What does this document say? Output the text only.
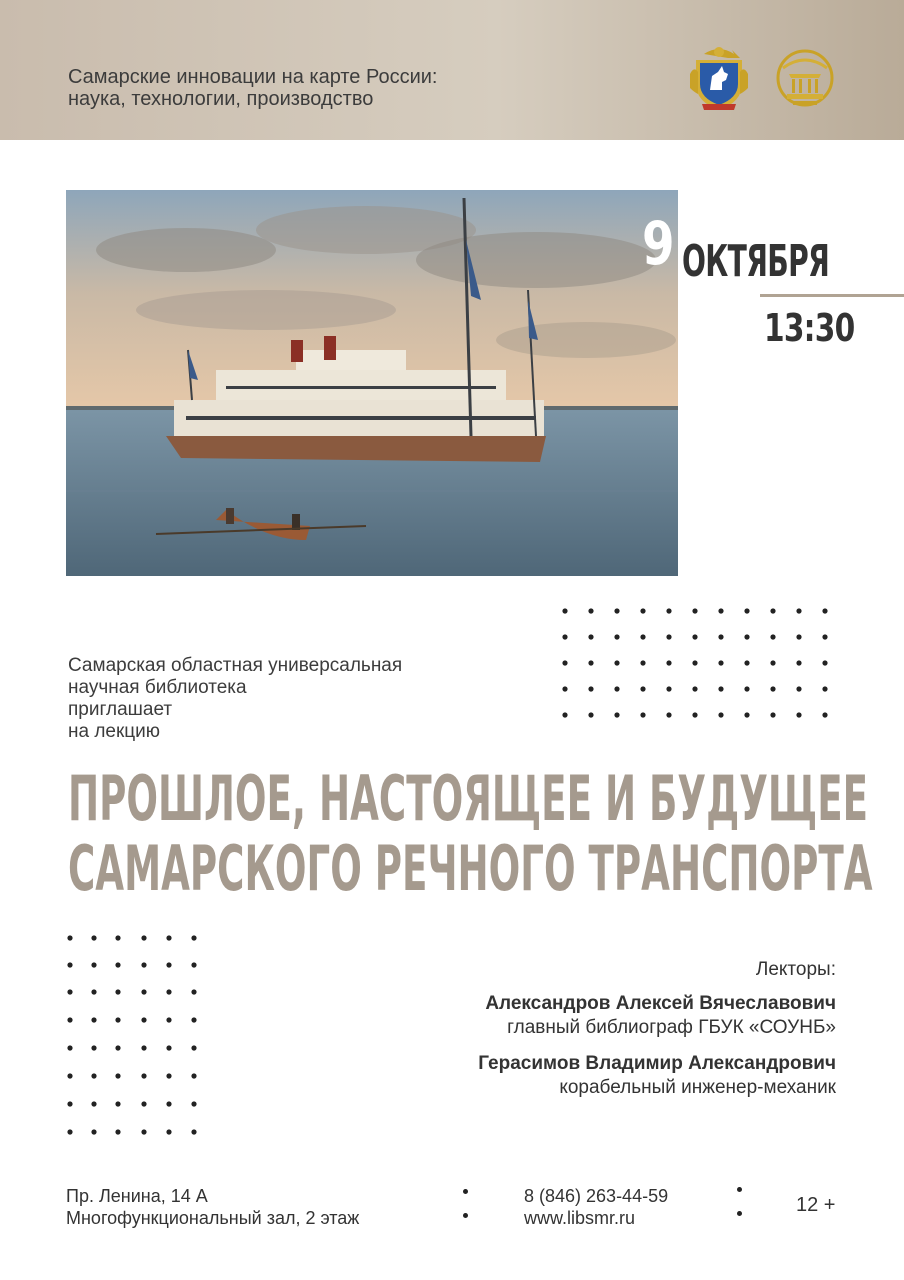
Самарские инновации на карте России:
наука, технологии, производство
9 ОКТЯБРЯ
13:30
Самарская областная универсальная
научная библиотека
приглашает
на лекцию
ПРОШЛОЕ, НАСТОЯЩЕЕ И БУДУЩЕЕ
САМАРСКОГО РЕЧНОГО ТРАНСПОРТА
Лекторы:
Александров Алексей Вячеславович
главный библиограф ГБУК «СОУНБ»
Герасимов Владимир Александрович
корабельный инженер-механик
Пр. Ленина, 14 А
Многофункциональный зал, 2 этаж
8 (846) 263-44-59
www.libsmr.ru
12 +
